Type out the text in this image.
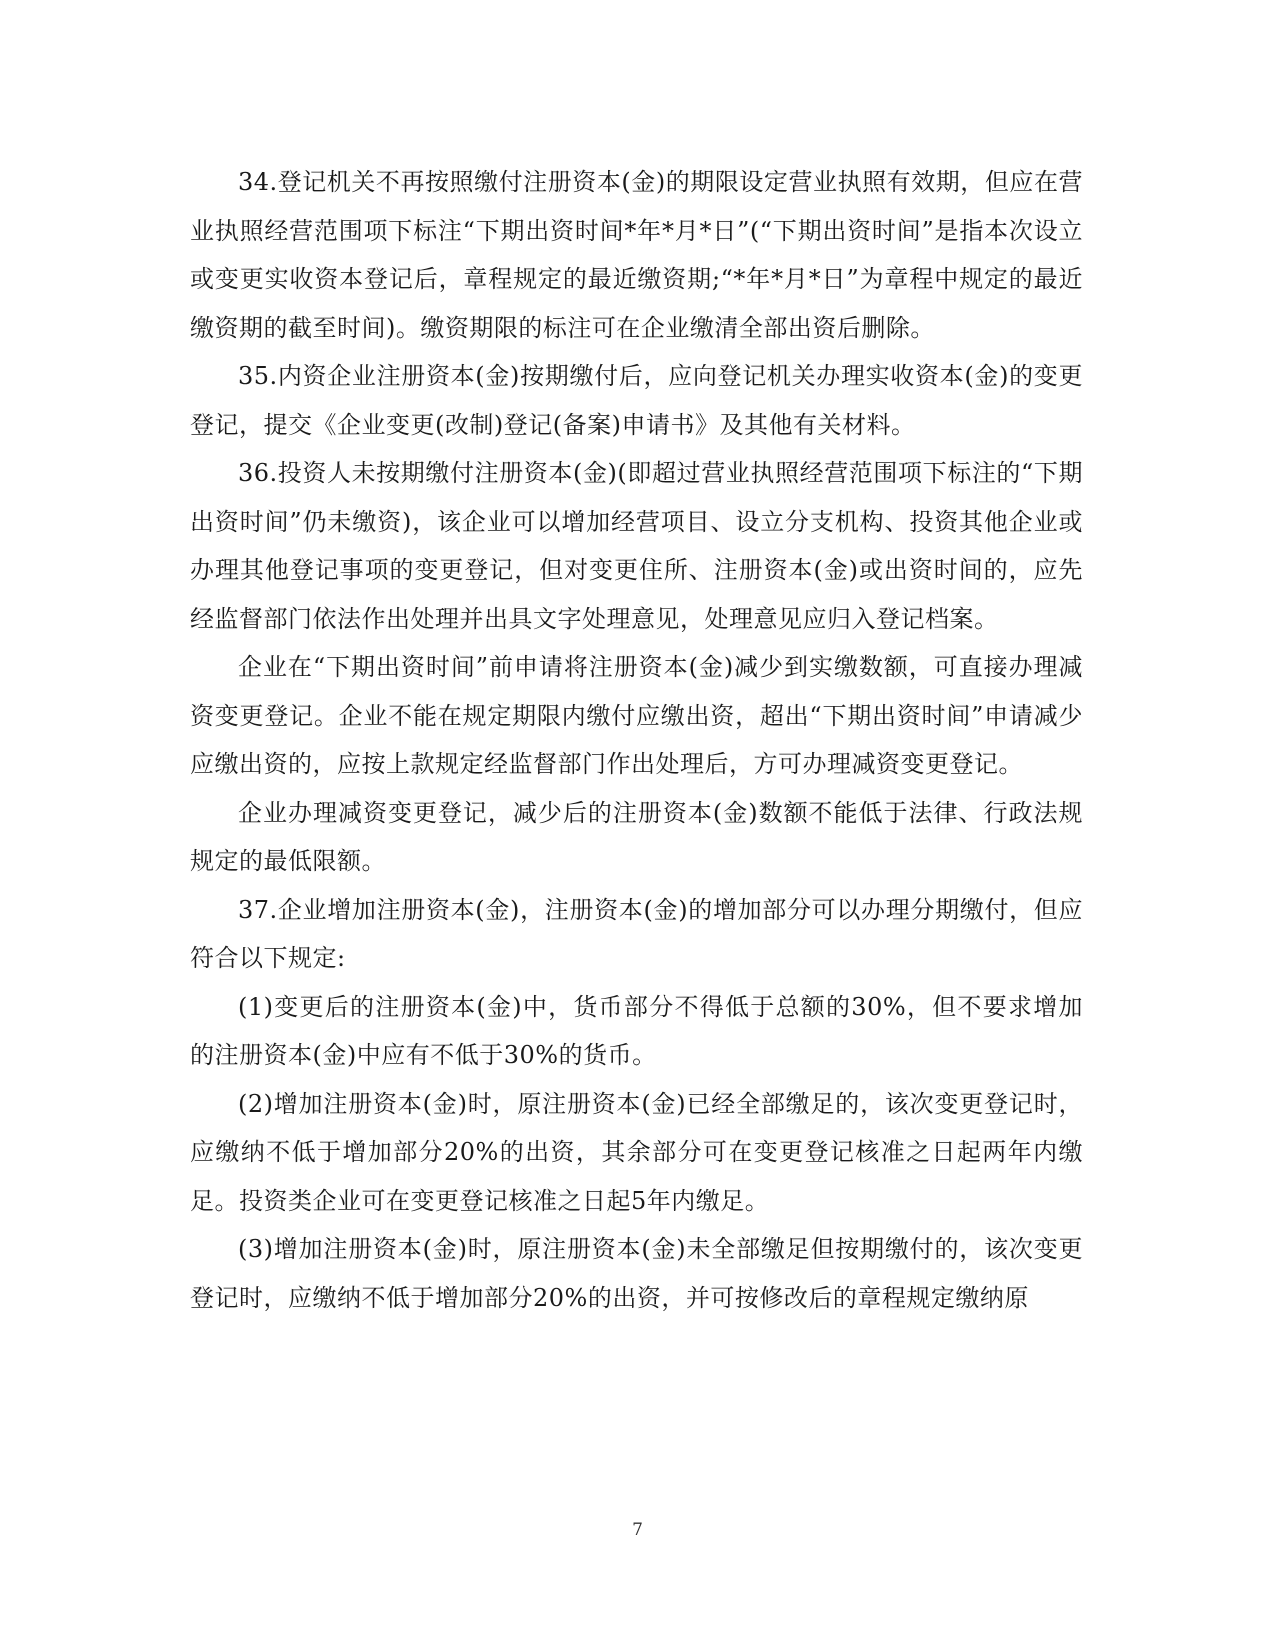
34.登记机关不再按照缴付注册资本(金)的期限设定营业执照有效期，但应在营业执照经营范围项下标注“下期出资时间*年*月*日”(“下期出资时间”是指本次设立或变更实收资本登记后，章程规定的最近缴资期;“*年*月*日”为章程中规定的最近缴资期的截至时间)。缴资期限的标注可在企业缴清全部出资后删除。

35.内资企业注册资本(金)按期缴付后，应向登记机关办理实收资本(金)的变更登记，提交《企业变更(改制)登记(备案)申请书》及其他有关材料。

36.投资人未按期缴付注册资本(金)(即超过营业执照经营范围项下标注的“下期出资时间”仍未缴资)，该企业可以增加经营项目、设立分支机构、投资其他企业或办理其他登记事项的变更登记，但对变更住所、注册资本(金)或出资时间的，应先经监督部门依法作出处理并出具文字处理意见，处理意见应归入登记档案。

企业在“下期出资时间”前申请将注册资本(金)减少到实缴数额，可直接办理减资变更登记。企业不能在规定期限内缴付应缴出资，超出“下期出资时间”申请减少应缴出资的，应按上款规定经监督部门作出处理后，方可办理减资变更登记。

企业办理减资变更登记，减少后的注册资本(金)数额不能低于法律、行政法规规定的最低限额。

37.企业增加注册资本(金)，注册资本(金)的增加部分可以办理分期缴付，但应符合以下规定:

(1)变更后的注册资本(金)中，货币部分不得低于总额的30%，但不要求增加的注册资本(金)中应有不低于30%的货币。

(2)增加注册资本(金)时，原注册资本(金)已经全部缴足的，该次变更登记时，应缴纳不低于增加部分20%的出资，其余部分可在变更登记核准之日起两年内缴足。投资类企业可在变更登记核准之日起5年内缴足。

(3)增加注册资本(金)时，原注册资本(金)未全部缴足但按期缴付的，该次变更登记时，应缴纳不低于增加部分20%的出资，并可按修改后的章程规定缴纳原

7
